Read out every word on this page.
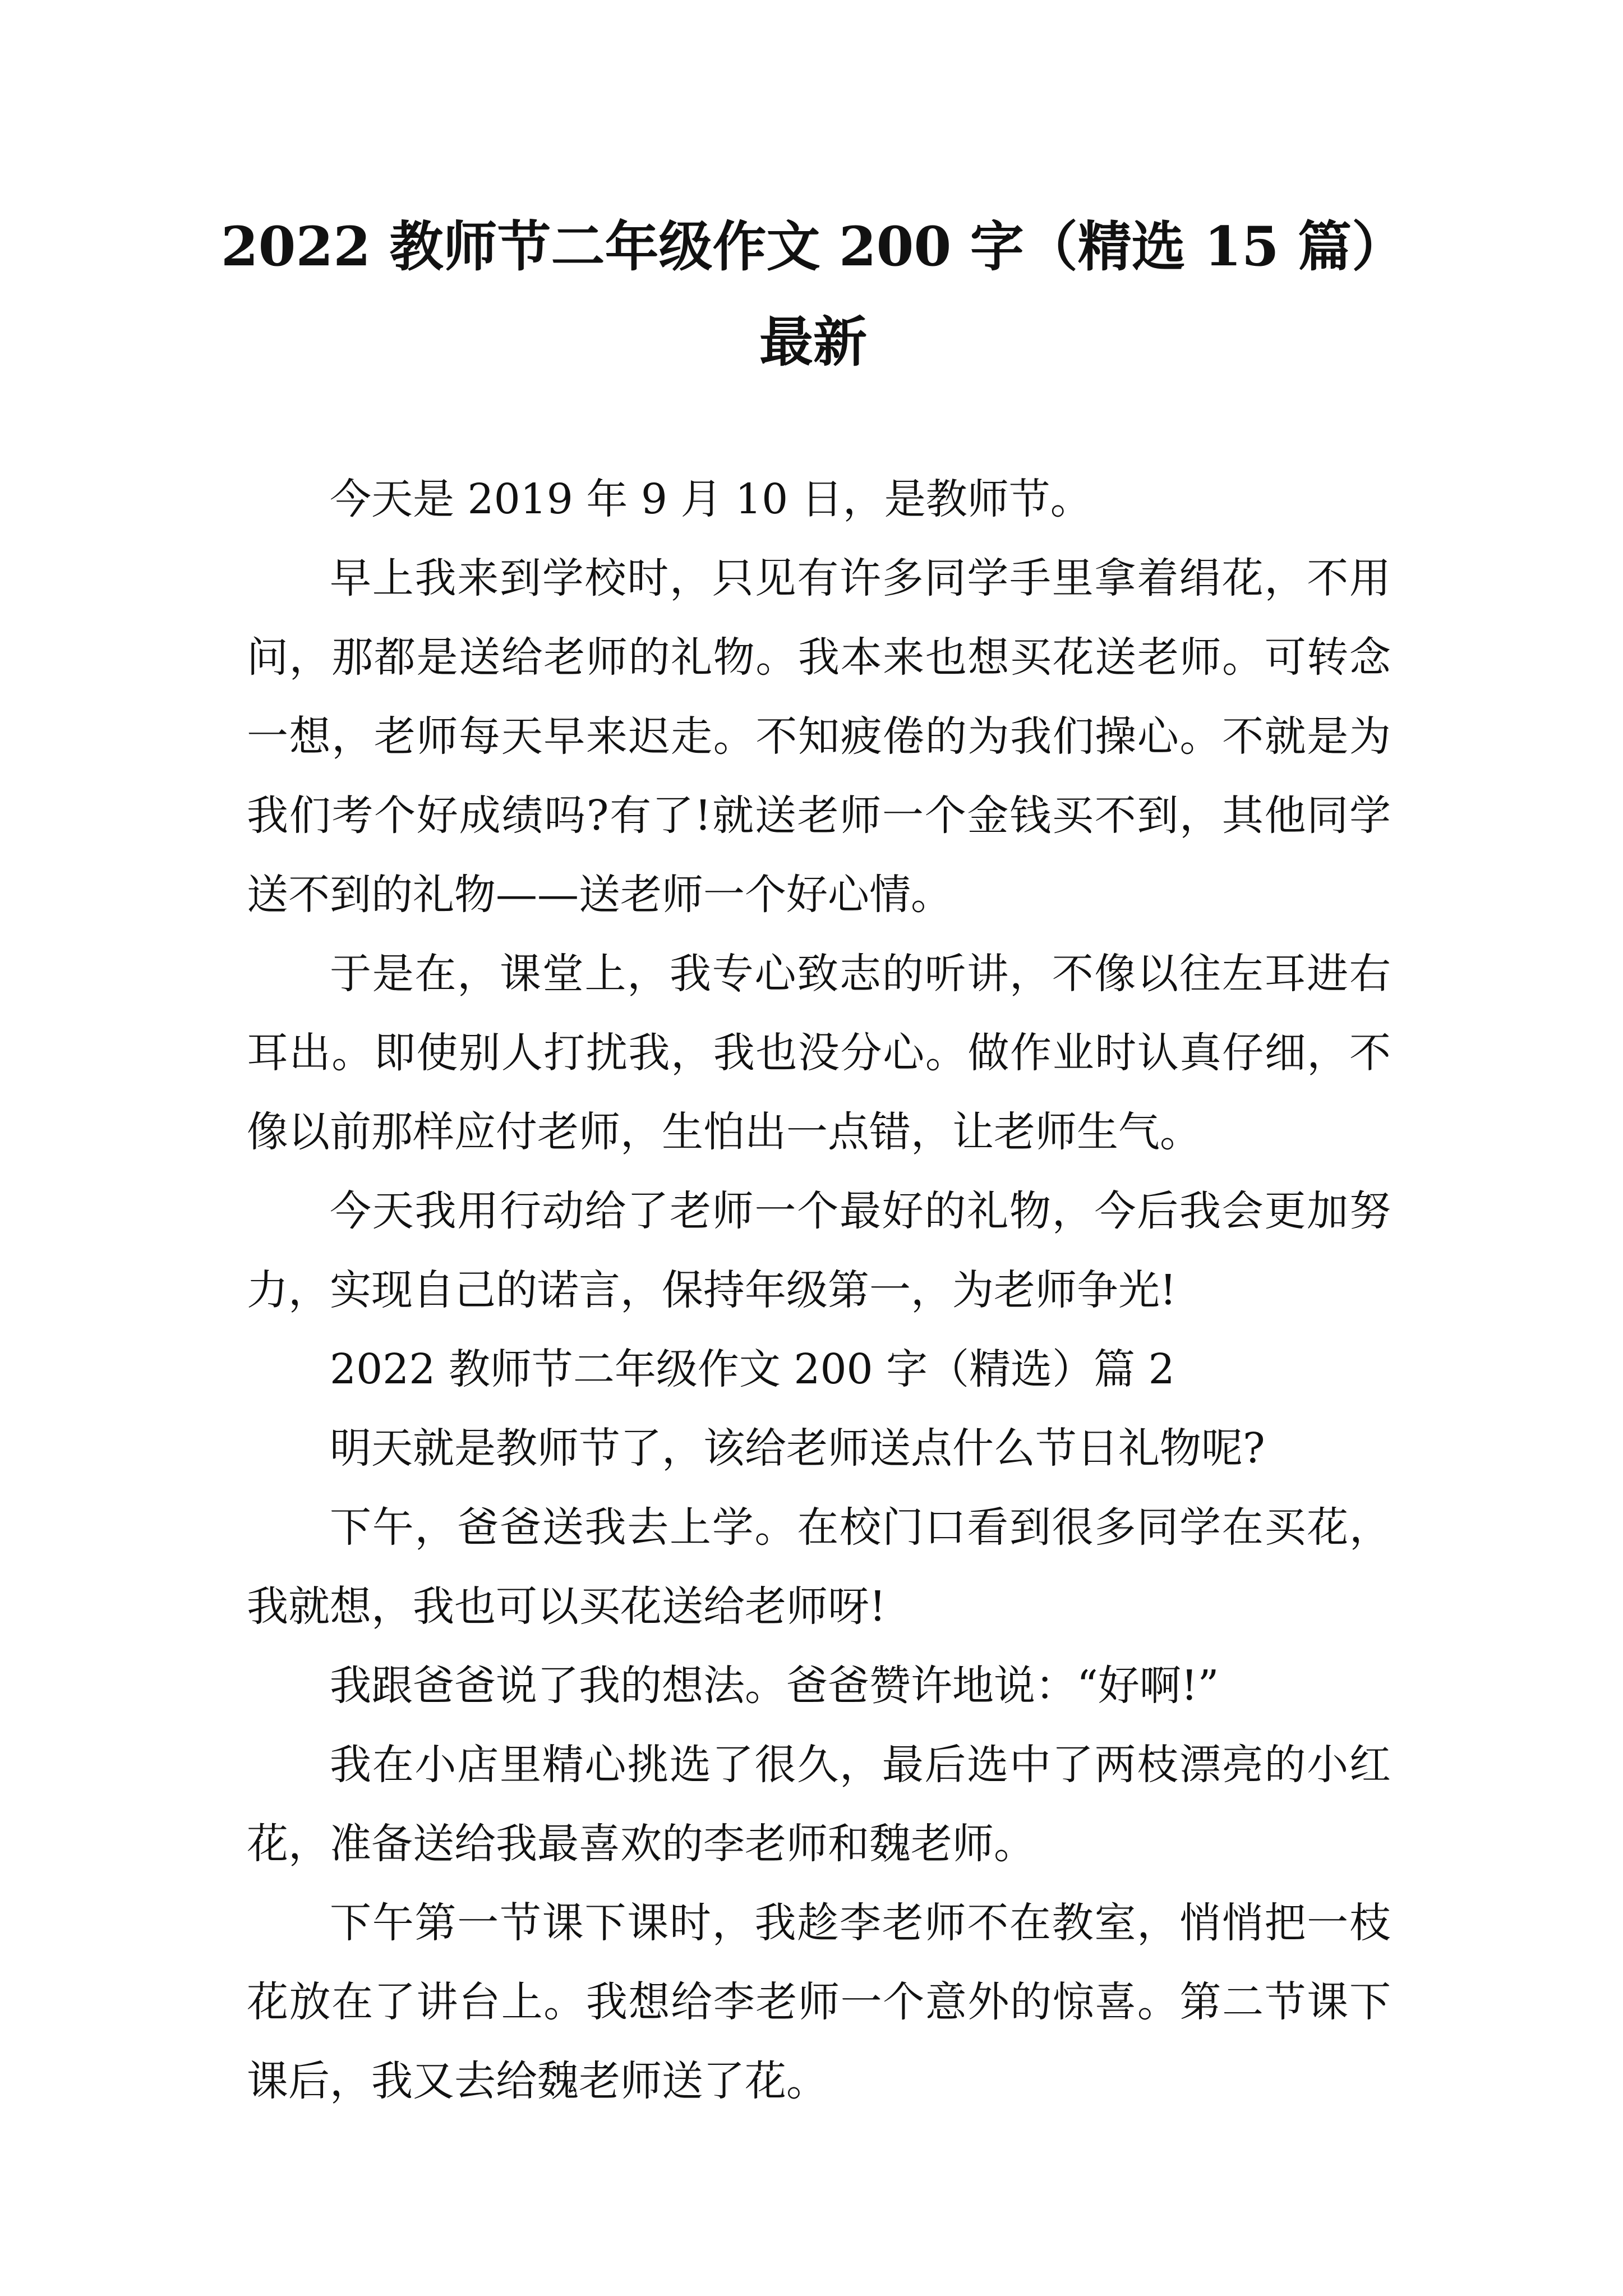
2022 教师节二年级作文 200 字（精选 15 篇）
最新

今天是 2019 年 9 月 10 日，是教师节。

早上我来到学校时，只见有许多同学手里拿着绢花，不用问，那都是送给老师的礼物。我本来也想买花送老师。可转念一想，老师每天早来迟走。不知疲倦的为我们操心。不就是为我们考个好成绩吗?有了!就送老师一个金钱买不到，其他同学送不到的礼物——送老师一个好心情。

于是在，课堂上，我专心致志的听讲，不像以往左耳进右耳出。即使别人打扰我，我也没分心。做作业时认真仔细，不像以前那样应付老师，生怕出一点错，让老师生气。

今天我用行动给了老师一个最好的礼物，今后我会更加努力，实现自己的诺言，保持年级第一，为老师争光!

2022 教师节二年级作文 200 字（精选）篇 2

明天就是教师节了，该给老师送点什么节日礼物呢?

下午，爸爸送我去上学。在校门口看到很多同学在买花，我就想，我也可以买花送给老师呀!

我跟爸爸说了我的想法。爸爸赞许地说：“好啊!”

我在小店里精心挑选了很久，最后选中了两枝漂亮的小红花，准备送给我最喜欢的李老师和魏老师。

下午第一节课下课时，我趁李老师不在教室，悄悄把一枝花放在了讲台上。我想给李老师一个意外的惊喜。第二节课下课后，我又去给魏老师送了花。
